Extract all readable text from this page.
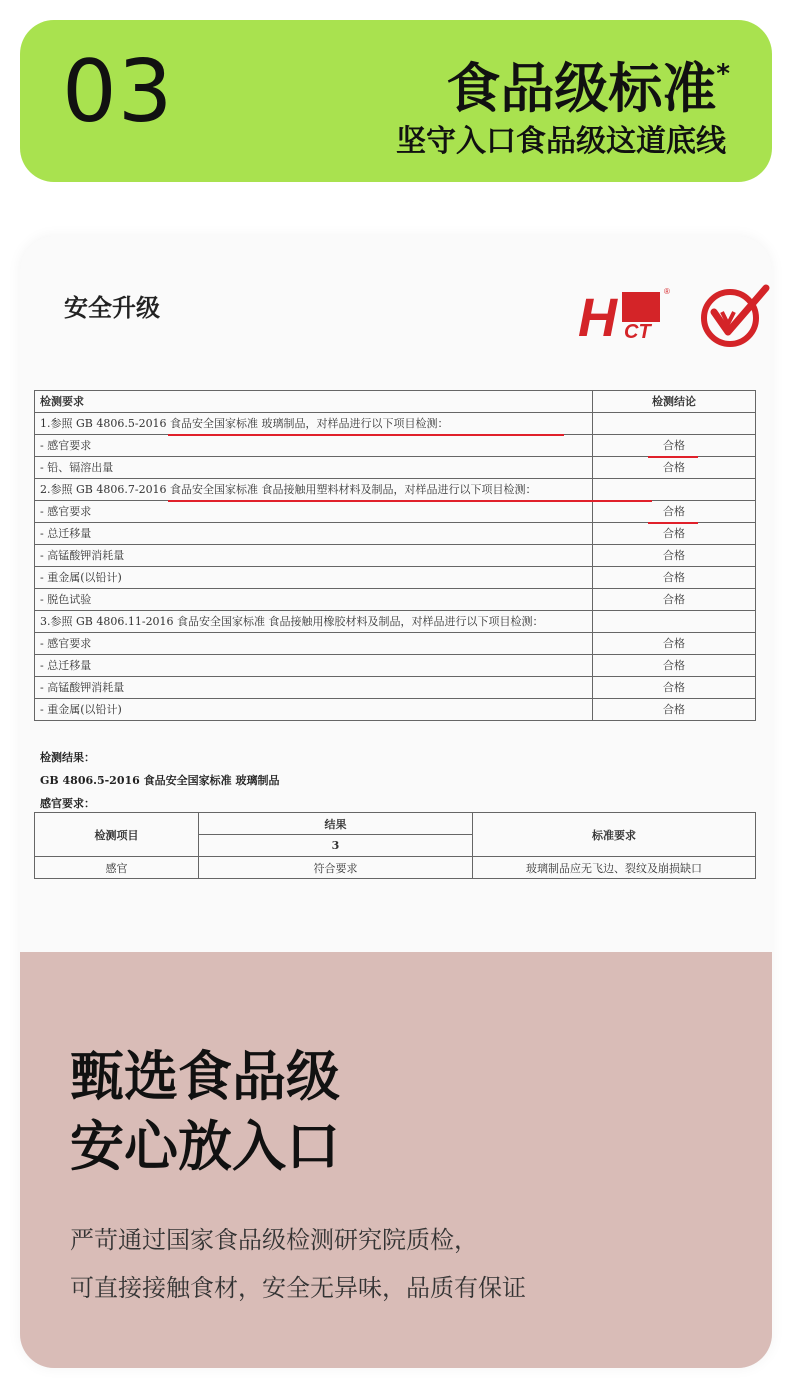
03	食品级标准*
坚守入口食品级这道底线
安全升级	H CT
®
检测要求	检测结论
1.参照 GB 4806.5-2016 食品安全国家标准 玻璃制品，对样品进行以下项目检测：	
- 感官要求	合格
- 铅、镉溶出量	合格
2.参照 GB 4806.7-2016 食品安全国家标准 食品接触用塑料材料及制品，对样品进行以下项目检测：	
- 感官要求	合格
- 总迁移量	合格
- 高锰酸钾消耗量	合格
- 重金属(以铅计)	合格
- 脱色试验	合格
3.参照 GB 4806.11-2016 食品安全国家标准 食品接触用橡胶材料及制品，对样品进行以下项目检测：	
- 感官要求	合格
- 总迁移量	合格
- 高锰酸钾消耗量	合格
- 重金属(以铅计)	合格
检测结果：
GB 4806.5-2016 食品安全国家标准 玻璃制品
感官要求：
检测项目	结果	标准要求
	3	
感官	符合要求	玻璃制品应无飞边、裂纹及崩损缺口
甄选食品级
安心放入口
严苛通过国家食品级检测研究院质检，
可直接接触食材，安全无异味，品质有保证
